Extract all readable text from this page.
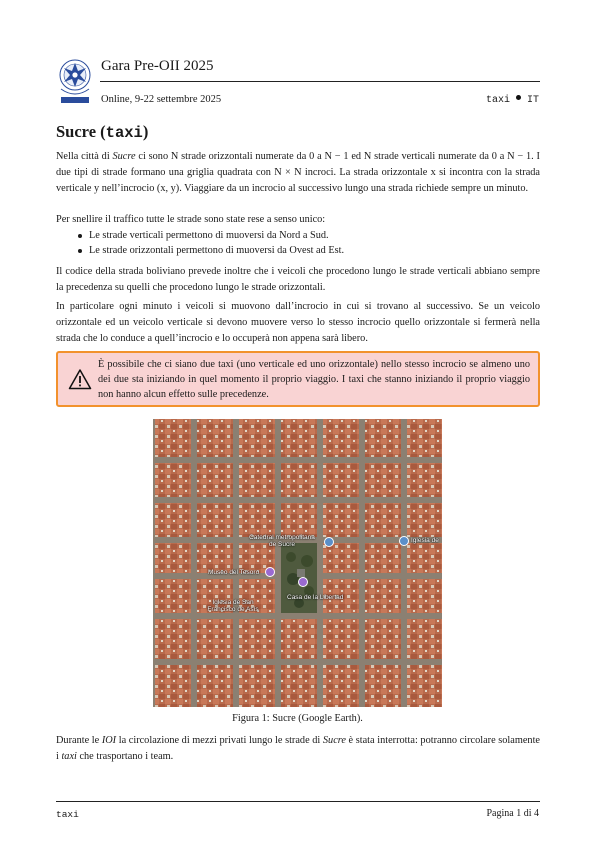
Gara Pre-OII 2025
Online, 9-22 settembre 2025	taxi IT
Sucre (taxi)
Nella città di Sucre ci sono N strade orizzontali numerate da 0 a N − 1 ed N strade verticali numerate da 0 a N − 1. I due tipi di strade formano una griglia quadrata con N × N incroci. La strada orizzontale x si incontra con la strada verticale y nell’incrocio (x, y). Viaggiare da un incrocio al successivo lungo una strada richiede sempre un minuto.
Per snellire il traffico tutte le strade sono state rese a senso unico:
Le strade verticali permettono di muoversi da Nord a Sud.
Le strade orizzontali permettono di muoversi da Ovest ad Est.
Il codice della strada boliviano prevede inoltre che i veicoli che procedono lungo le strade verticali abbiano sempre la precedenza su quelli che procedono lungo le strade orizzontali.
In particolare ogni minuto i veicoli si muovono dall’incrocio in cui si trovano al successivo. Se un veicolo orizzontale ed un veicolo verticale si devono muovere verso lo stesso incrocio quello orizzontale si fermerà nella strada che lo conduce a quell’incrocio e lo occuperà non appena sarà libero.
È possibile che ci siano due taxi (uno verticale ed uno orizzontale) nello stesso incrocio se almeno uno dei due sta iniziando in quel momento il proprio viaggio. I taxi che stanno iniziando il proprio viaggio non hanno alcun effetto sulle precedenze.
Catedral metropolitana de Sucre
Iglesia de
Museo del Tesoro
Casa de la Libertad
Iglesia de San Francisco de Asís
Figura 1: Sucre (Google Earth).
Durante le IOI la circolazione di mezzi privati lungo le strade di Sucre è stata interrotta: potranno circolare solamente i taxi che trasportano i team.
taxi	Pagina 1 di 4
